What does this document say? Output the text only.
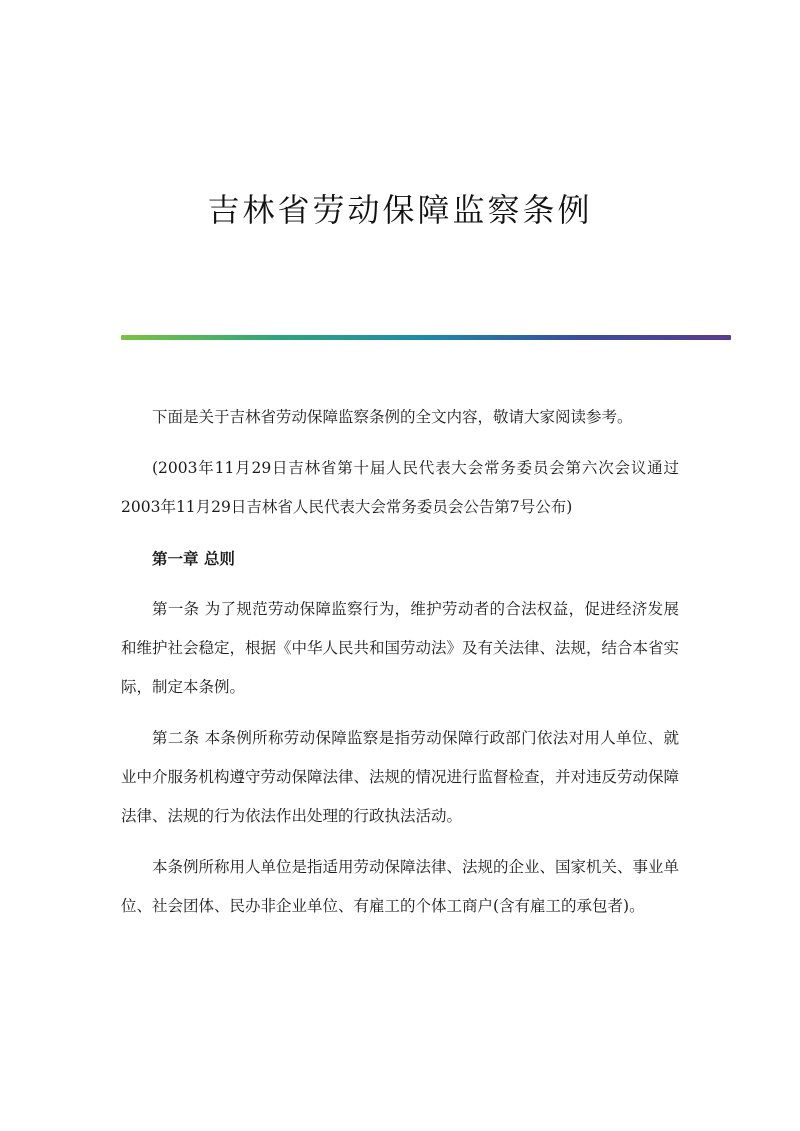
吉林省劳动保障监察条例

下面是关于吉林省劳动保障监察条例的全文内容，敬请大家阅读参考。

(2003年11月29日吉林省第十届人民代表大会常务委员会第六次会议通过 2003年11月29日吉林省人民代表大会常务委员会公告第7号公布)

第一章 总则

第一条 为了规范劳动保障监察行为，维护劳动者的合法权益，促进经济发展和维护社会稳定，根据《中华人民共和国劳动法》及有关法律、法规，结合本省实际，制定本条例。

第二条 本条例所称劳动保障监察是指劳动保障行政部门依法对用人单位、就业中介服务机构遵守劳动保障法律、法规的情况进行监督检查，并对违反劳动保障法律、法规的行为依法作出处理的行政执法活动。

本条例所称用人单位是指适用劳动保障法律、法规的企业、国家机关、事业单位、社会团体、民办非企业单位、有雇工的个体工商户(含有雇工的承包者)。
